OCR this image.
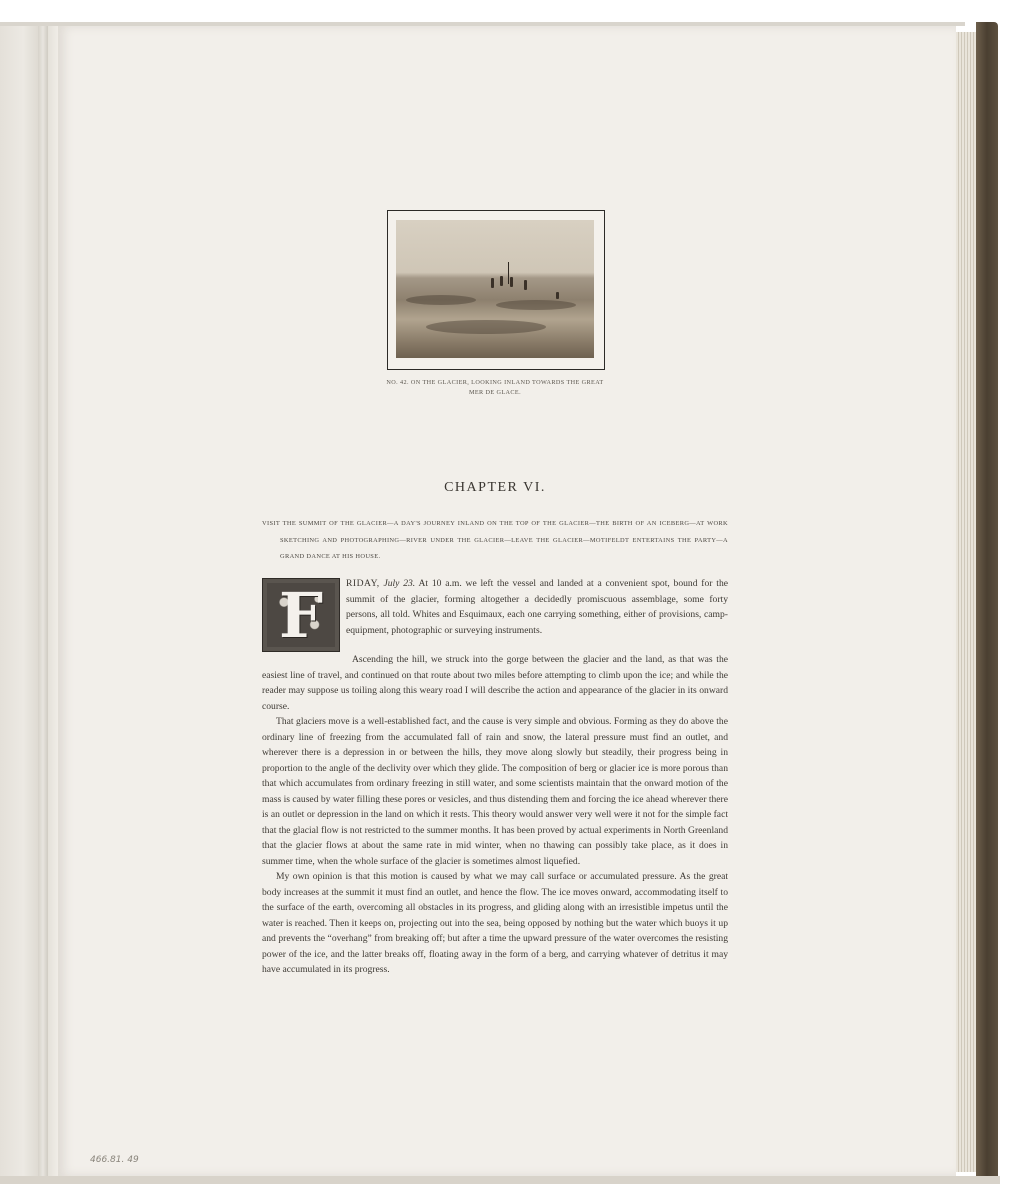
NO. 42. ON THE GLACIER, LOOKING INLAND TOWARDS THE GREAT
MER DE GLACE.
CHAPTER VI.
VISIT THE SUMMIT OF THE GLACIER—A DAY'S JOURNEY INLAND ON THE TOP OF THE GLACIER—THE BIRTH OF AN ICEBERG—AT WORK SKETCHING AND PHOTOGRAPHING—RIVER UNDER THE GLACIER—LEAVE THE GLACIER—MOTIFELDT ENTERTAINS THE PARTY—A GRAND DANCE AT HIS HOUSE.
F	RIDAY, July 23. At 10 a.m. we left the vessel and landed at a convenient spot, bound for the summit of the glacier, forming altogether a decidedly promiscuous assemblage, some forty persons, all told. Whites and Esquimaux, each one carrying something, either of provisions, camp-equipment, photographic or surveying instruments.

Ascending the hill, we struck into the gorge between the glacier and the land, as that was the easiest line of travel, and continued on that route about two miles before attempting to climb upon the ice; and while the reader may suppose us toiling along this weary road I will describe the action and appearance of the glacier in its onward course.

That glaciers move is a well-established fact, and the cause is very simple and obvious. Forming as they do above the ordinary line of freezing from the accumulated fall of rain and snow, the lateral pressure must find an outlet, and wherever there is a depression in or between the hills, they move along slowly but steadily, their progress being in proportion to the angle of the declivity over which they glide. The composition of berg or glacier ice is more porous than that which accumulates from ordinary freezing in still water, and some scientists maintain that the onward motion of the mass is caused by water filling these pores or vesicles, and thus distending them and forcing the ice ahead wherever there is an outlet or depression in the land on which it rests. This theory would answer very well were it not for the simple fact that the glacial flow is not restricted to the summer months. It has been proved by actual experiments in North Greenland that the glacier flows at about the same rate in mid winter, when no thawing can possibly take place, as it does in summer time, when the whole surface of the glacier is sometimes almost liquefied.

My own opinion is that this motion is caused by what we may call surface or accumulated pressure. As the great body increases at the summit it must find an outlet, and hence the flow. The ice moves onward, accommodating itself to the surface of the earth, overcoming all obstacles in its progress, and gliding along with an irresistible impetus until the water is reached. Then it keeps on, projecting out into the sea, being opposed by nothing but the water which buoys it up and prevents the “overhang” from breaking off; but after a time the upward pressure of the water overcomes the resisting power of the ice, and the latter breaks off, floating away in the form of a berg, and carrying whatever of detritus it may have accumulated in its progress.

466.81. 49
